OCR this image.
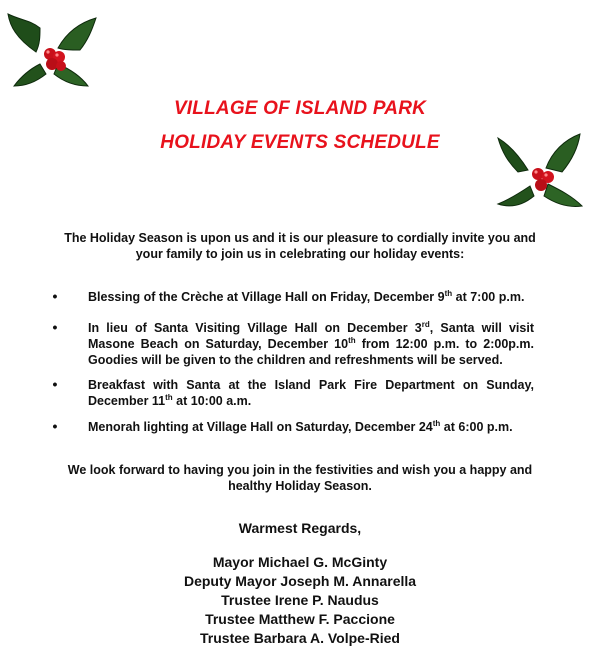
VILLAGE OF ISLAND PARK
HOLIDAY EVENTS SCHEDULE
The Holiday Season is upon us and it is our pleasure to cordially invite you and
your family to join us in celebrating our holiday events:
• Blessing of the Crèche at Village Hall on Friday, December 9th at 7:00 p.m.
• In lieu of Santa Visiting Village Hall on December 3rd, Santa will visit Masone Beach on Saturday, December 10th from 12:00 p.m. to 2:00p.m. Goodies will be given to the children and refreshments will be served.
• Breakfast with Santa at the Island Park Fire Department on Sunday, December 11th at 10:00 a.m.
• Menorah lighting at Village Hall on Saturday, December 24th at 6:00 p.m.
We look forward to having you join in the festivities and wish you a happy and
healthy Holiday Season.
Warmest Regards,
Mayor Michael G. McGinty
Deputy Mayor Joseph M. Annarella
Trustee Irene P. Naudus
Trustee Matthew F. Paccione
Trustee Barbara A. Volpe-Ried
